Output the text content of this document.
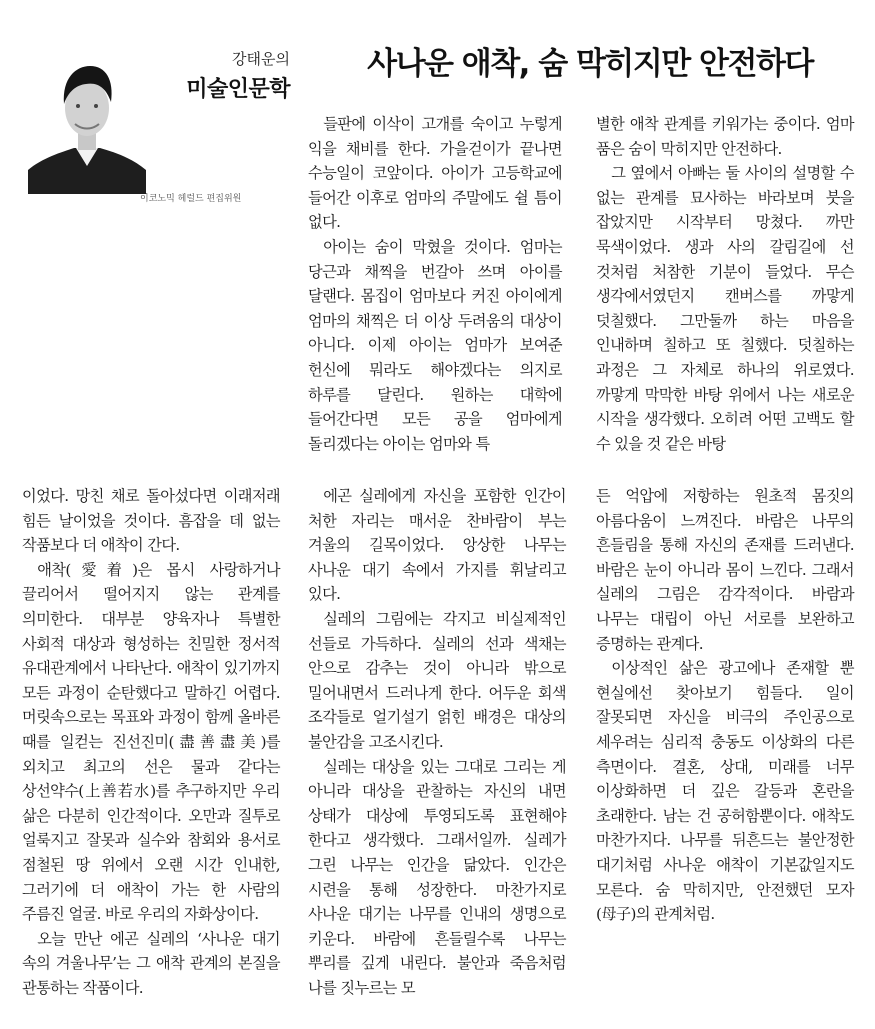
이코노믹 헤럴드 편집위원
강태운의
미술인문학
사나운 애착, 숨 막히지만 안전하다

들판에 이삭이 고개를 숙이고 누렇게 익을 채비를 한다. 가을걷이가 끝나면 수능일이 코앞이다. 아이가 고등학교에 들어간 이후로 엄마의 주말에도 쉴 틈이 없다.

아이는 숨이 막혔을 것이다. 엄마는 당근과 채찍을 번갈아 쓰며 아이를 달랜다. 몸집이 엄마보다 커진 아이에게 엄마의 채찍은 더 이상 두려움의 대상이 아니다. 이제 아이는 엄마가 보여준 헌신에 뭐라도 해야겠다는 의지로 하루를 달린다. 원하는 대학에 들어간다면 모든 공을 엄마에게 돌리겠다는 아이는 엄마와 특

별한 애착 관계를 키워가는 중이다. 엄마 품은 숨이 막히지만 안전하다.

그 옆에서 아빠는 둘 사이의 설명할 수 없는 관계를 묘사하는 바라보며 붓을 잡았지만 시작부터 망쳤다. 까만 묵색이었다. 생과 사의 갈림길에 선 것처럼 처참한 기분이 들었다. 무슨 생각에서였던지 캔버스를 까맣게 덧칠했다. 그만둘까 하는 마음을 인내하며 칠하고 또 칠했다. 덧칠하는 과정은 그 자체로 하나의 위로였다. 까맣게 막막한 바탕 위에서 나는 새로운 시작을 생각했다. 오히려 어떤 고백도 할 수 있을 것 같은 바탕

이었다. 망친 채로 돌아섰다면 이래저래 힘든 날이었을 것이다. 흠잡을 데 없는 작품보다 더 애착이 간다.

애착(愛着)은 몹시 사랑하거나 끌리어서 떨어지지 않는 관계를 의미한다. 대부분 양육자나 특별한 사회적 대상과 형성하는 친밀한 정서적 유대관계에서 나타난다. 애착이 있기까지 모든 과정이 순탄했다고 말하긴 어렵다. 머릿속으로는 목표와 과정이 함께 올바른 때를 일컫는 진선진미(盡善盡美)를 외치고 최고의 선은 물과 같다는 상선약수(上善若水)를 추구하지만 우리 삶은 다분히 인간적이다. 오만과 질투로 얼룩지고 잘못과 실수와 참회와 용서로 점철된 땅 위에서 오랜 시간 인내한, 그러기에 더 애착이 가는 한 사람의 주름진 얼굴. 바로 우리의 자화상이다.

오늘 만난 에곤 실레의 ‘사나운 대기 속의 겨울나무’는 그 애착 관계의 본질을 관통하는 작품이다.

에곤 실레에게 자신을 포함한 인간이 처한 자리는 매서운 찬바람이 부는 겨울의 길목이었다. 앙상한 나무는 사나운 대기 속에서 가지를 휘날리고 있다.

실레의 그림에는 각지고 비실제적인 선들로 가득하다. 실레의 선과 색채는 안으로 감추는 것이 아니라 밖으로 밀어내면서 드러나게 한다. 어두운 회색 조각들로 얼기설기 얽힌 배경은 대상의 불안감을 고조시킨다.

실레는 대상을 있는 그대로 그리는 게 아니라 대상을 관찰하는 자신의 내면 상태가 대상에 투영되도록 표현해야 한다고 생각했다. 그래서일까. 실레가 그린 나무는 인간을 닮았다. 인간은 시련을 통해 성장한다. 마찬가지로 사나운 대기는 나무를 인내의 생명으로 키운다. 바람에 흔들릴수록 나무는 뿌리를 깊게 내린다. 불안과 죽음처럼 나를 짓누르는 모

든 억압에 저항하는 원초적 몸짓의 아름다움이 느껴진다. 바람은 나무의 흔들림을 통해 자신의 존재를 드러낸다. 바람은 눈이 아니라 몸이 느낀다. 그래서 실레의 그림은 감각적이다. 바람과 나무는 대립이 아닌 서로를 보완하고 증명하는 관계다.

이상적인 삶은 광고에나 존재할 뿐 현실에선 찾아보기 힘들다. 일이 잘못되면 자신을 비극의 주인공으로 세우려는 심리적 충동도 이상화의 다른 측면이다. 결혼, 상대, 미래를 너무 이상화하면 더 깊은 갈등과 혼란을 초래한다. 남는 건 공허함뿐이다. 애착도 마찬가지다. 나무를 뒤흔드는 불안정한 대기처럼 사나운 애착이 기본값일지도 모른다. 숨 막히지만, 안전했던 모자(母子)의 관계처럼.
